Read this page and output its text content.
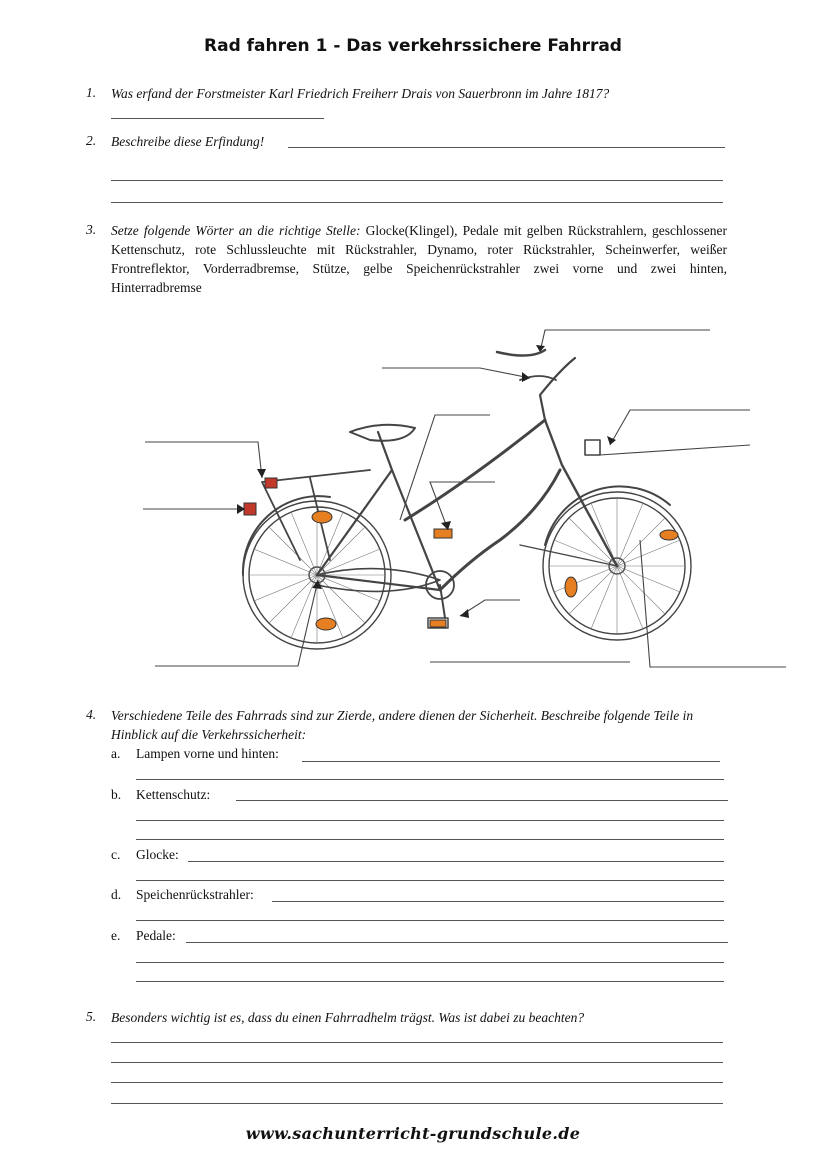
Rad fahren 1 - Das verkehrssichere Fahrrad
1. Was erfand der Forstmeister Karl Friedrich Freiherr Drais von Sauerbronn im Jahre 1817?
2. Beschreibe diese Erfindung!
3. Setze folgende Wörter an die richtige Stelle: Glocke(Klingel), Pedale mit gelben Rückstrahlern, geschlossener Kettenschutz, rote Schlussleuchte mit Rückstrahler, Dynamo, roter Rückstrahler, Scheinwerfer, weißer Frontreflektor, Vorderradbremse, Stütze, gelbe Speichenrückstrahler zwei vorne und zwei hinten, Hinterradbremse
4. Verschiedene Teile des Fahrrads sind zur Zierde, andere dienen der Sicherheit. Beschreibe folgende Teile in Hinblick auf die Verkehrssicherheit:
a. Lampen vorne und hinten:
b. Kettenschutz:
c. Glocke:
d. Speichenrückstrahler:
e. Pedale:
5. Besonders wichtig ist es, dass du einen Fahrradhelm trägst. Was ist dabei zu beachten?
www.sachunterricht-grundschule.de
